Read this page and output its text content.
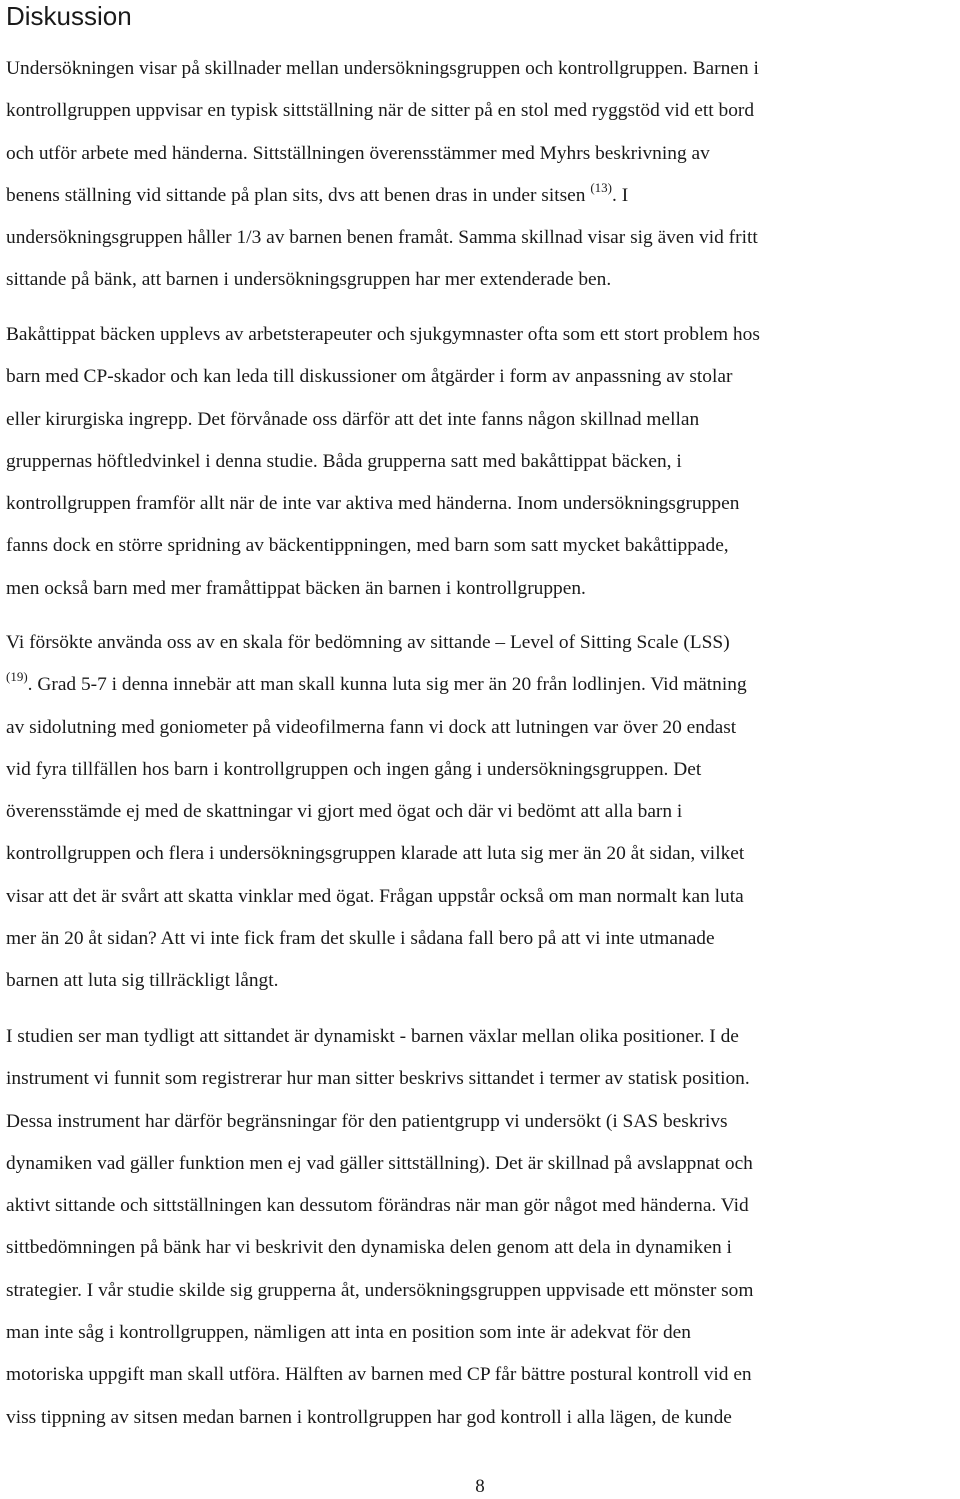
Diskussion

Undersökningen visar på skillnader mellan undersökningsgruppen och kontrollgruppen. Barnen i
kontrollgruppen uppvisar en typisk sittställning när de sitter på en stol med ryggstöd vid ett bord
och utför arbete med händerna. Sittställningen överensstämmer med Myhrs beskrivning av
benens ställning vid sittande på plan sits, dvs att benen dras in under sitsen $^{(13)}$. I
undersökningsgruppen håller 1/3 av barnen benen framåt. Samma skillnad visar sig även vid fritt
sittande på bänk, att barnen i undersökningsgruppen har mer extenderade ben.

Bakåttippat bäcken upplevs av arbetsterapeuter och sjukgymnaster ofta som ett stort problem hos
barn med CP-skador och kan leda till diskussioner om åtgärder i form av anpassning av stolar
eller kirurgiska ingrepp. Det förvånade oss därför att det inte fanns någon skillnad mellan
gruppernas höftledvinkel i denna studie. Båda grupperna satt med bakåttippat bäcken, i
kontrollgruppen framför allt när de inte var aktiva med händerna. Inom undersökningsgruppen
fanns dock en större spridning av bäckentippningen, med barn som satt mycket bakåttippade,
men också barn med mer framåttippat bäcken än barnen i kontrollgruppen.

Vi försökte använda oss av en skala för bedömning av sittande – Level of Sitting Scale (LSS)
$^{(19)}$. Grad 5-7 i denna innebär att man skall kunna luta sig mer än 20 från lodlinjen. Vid mätning
av sidolutning med goniometer på videofilmerna fann vi dock att lutningen var över 20 endast
vid fyra tillfällen hos barn i kontrollgruppen och ingen gång i undersökningsgruppen. Det
överensstämde ej med de skattningar vi gjort med ögat och där vi bedömt att alla barn i
kontrollgruppen och flera i undersökningsgruppen klarade att luta sig mer än 20 åt sidan, vilket
visar att det är svårt att skatta vinklar med ögat. Frågan uppstår också om man normalt kan luta
mer än 20 åt sidan? Att vi inte fick fram det skulle i sådana fall bero på att vi inte utmanade
barnen att luta sig tillräckligt långt.

I studien ser man tydligt att sittandet är dynamiskt - barnen växlar mellan olika positioner. I de
instrument vi funnit som registrerar hur man sitter beskrivs sittandet i termer av statisk position.
Dessa instrument har därför begränsningar för den patientgrupp vi undersökt (i SAS beskrivs
dynamiken vad gäller funktion men ej vad gäller sittställning). Det är skillnad på avslappnat och
aktivt sittande och sittställningen kan dessutom förändras när man gör något med händerna. Vid
sittbedömningen på bänk har vi beskrivit den dynamiska delen genom att dela in dynamiken i
strategier. I vår studie skilde sig grupperna åt, undersökningsgruppen uppvisade ett mönster som
man inte såg i kontrollgruppen, nämligen att inta en position som inte är adekvat för den
motoriska uppgift man skall utföra. Hälften av barnen med CP får bättre postural kontroll vid en
viss tippning av sitsen medan barnen i kontrollgruppen har god kontroll i alla lägen, de kunde

8
